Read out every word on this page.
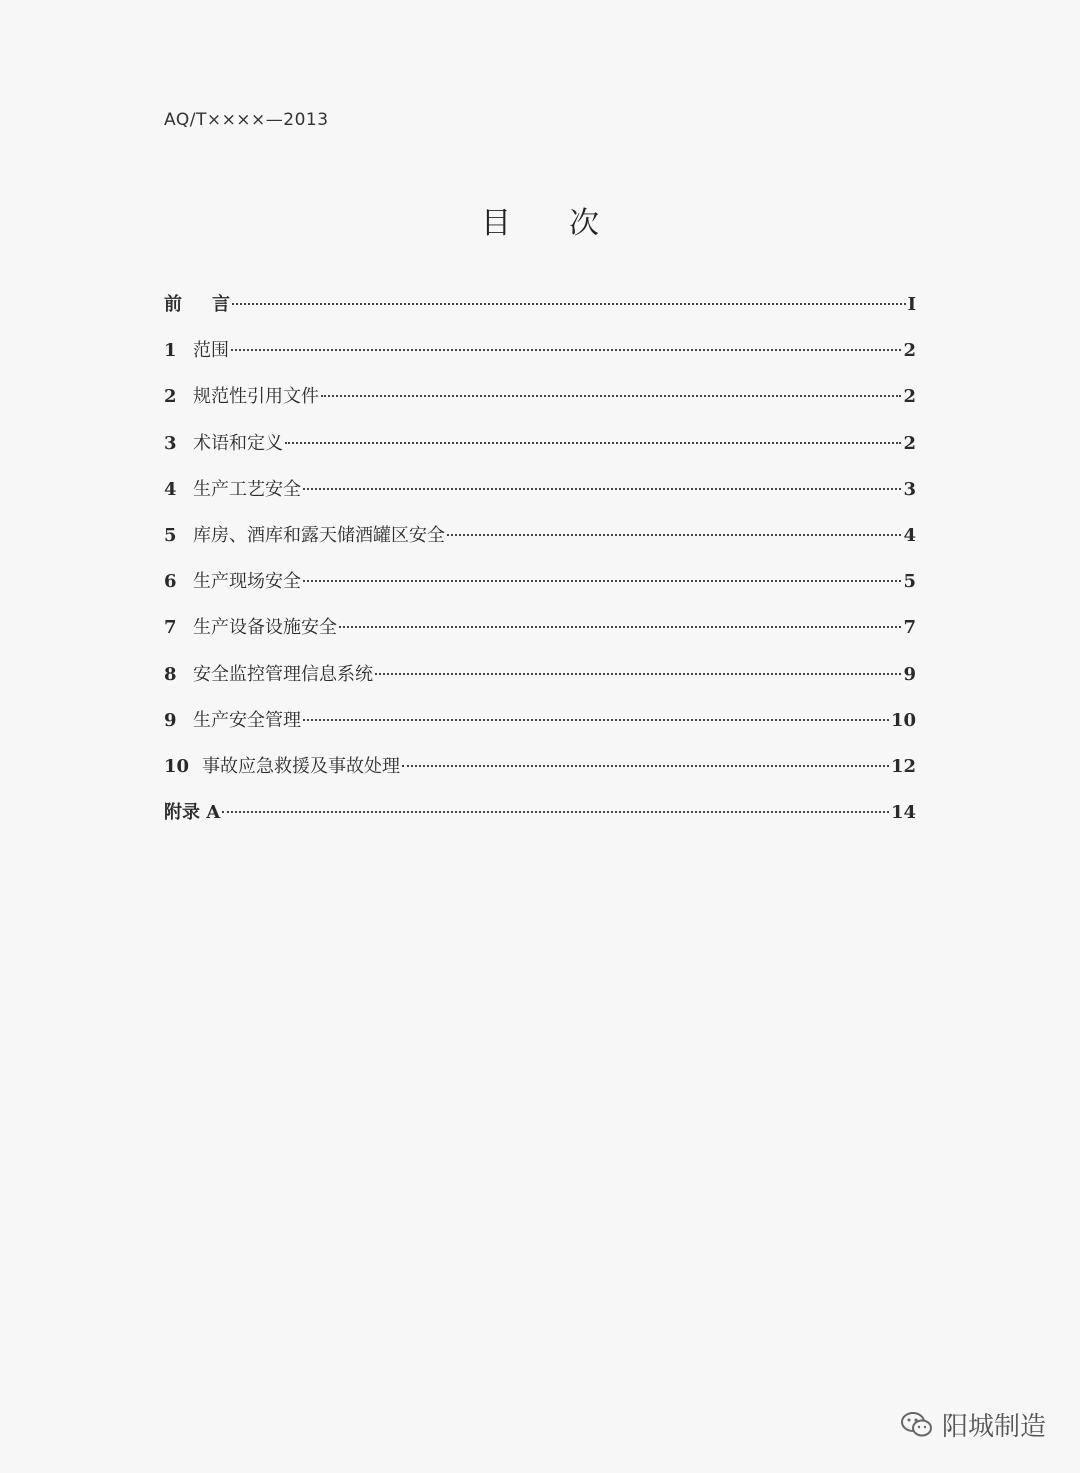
AQ/T××××—2013
目 次
前	言	I
1 范围	2
2 规范性引用文件	2
3 术语和定义	2
4 生产工艺安全	3
5 库房、酒库和露天储酒罐区安全	4
6 生产现场安全	5
7 生产设备设施安全	7
8 安全监控管理信息系统	9
9 生产安全管理	10
10 事故应急救援及事故处理	12
附录 A	14
阳城制造
